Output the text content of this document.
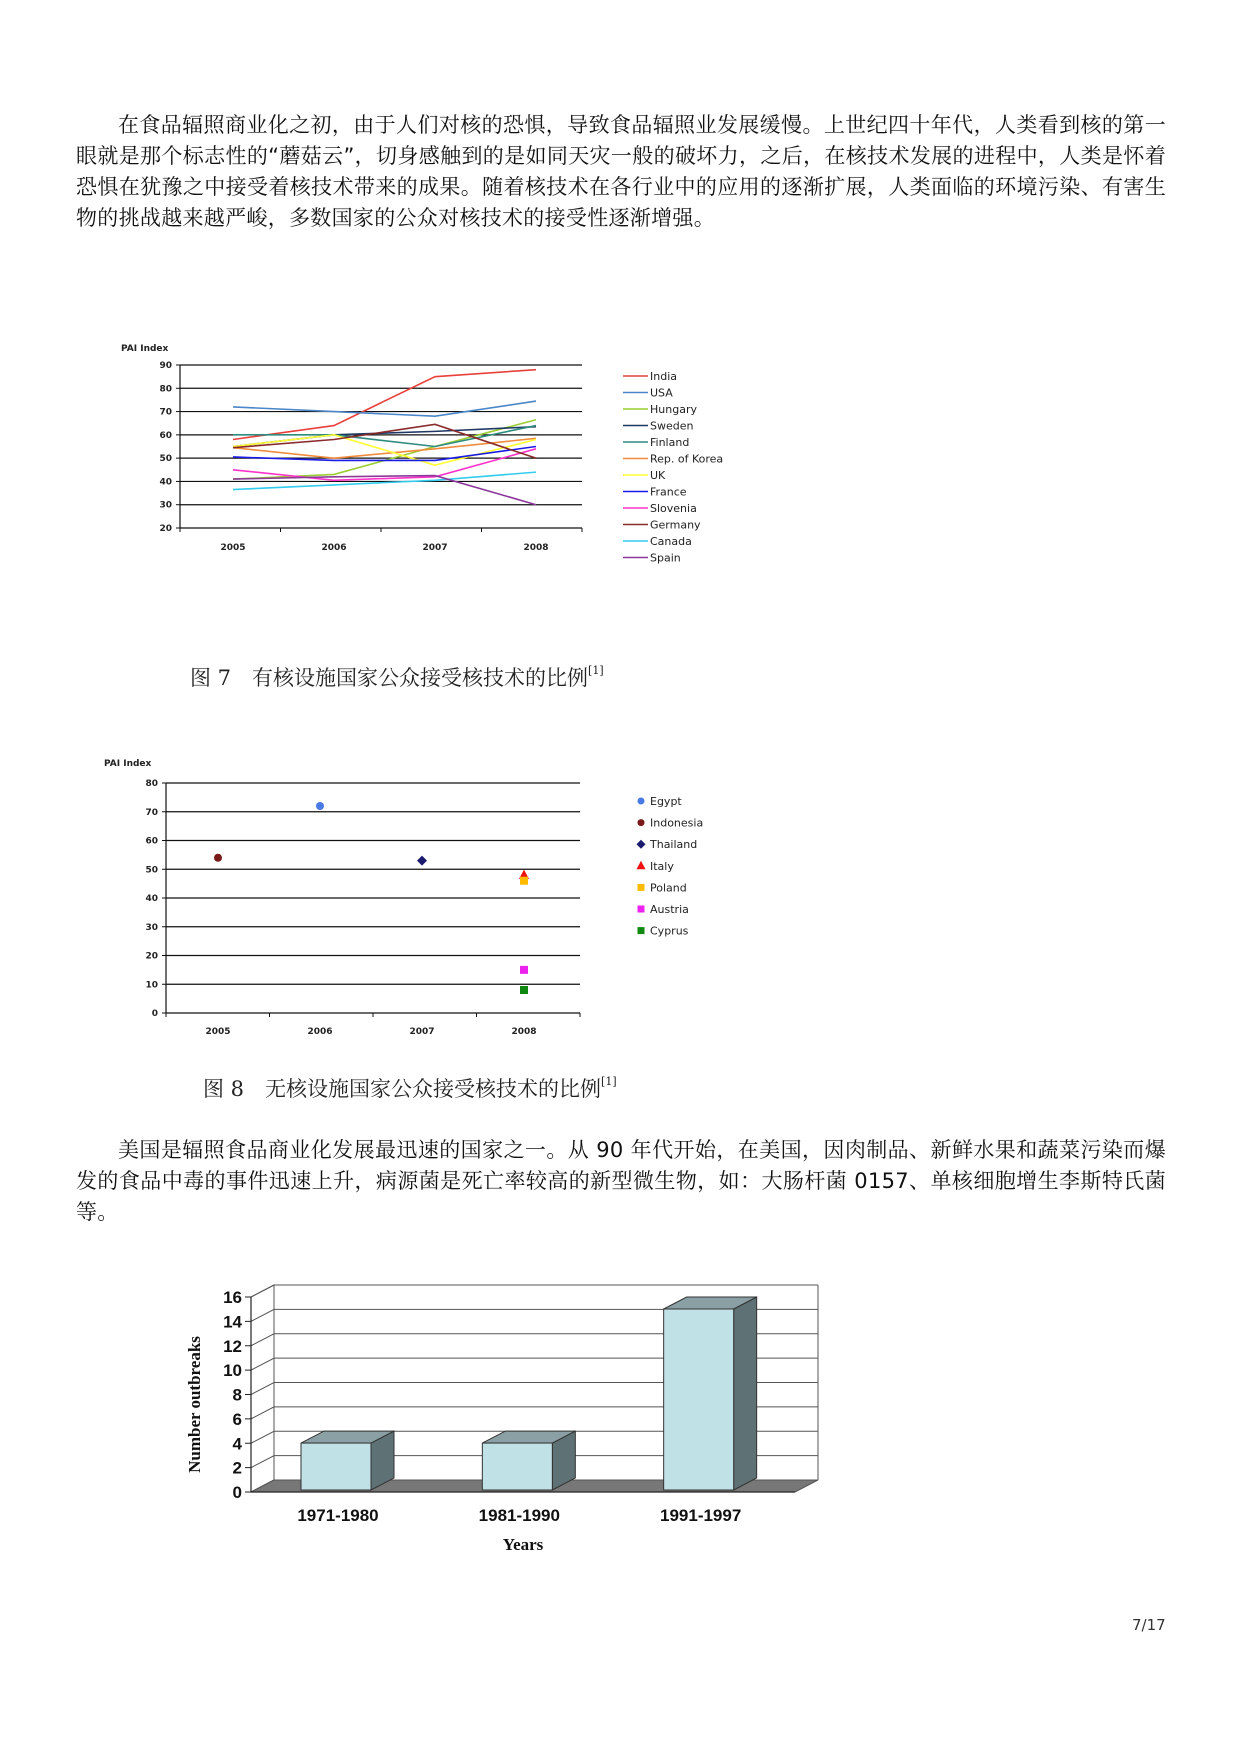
在食品辐照商业化之初，由于人们对核的恐惧，导致食品辐照业发展缓慢。上世纪四十年代，人类看到核的第一眼就是那个标志性的“蘑菇云”，切身感触到的是如同天灾一般的破坏力，之后，在核技术发展的进程中，人类是怀着恐惧在犹豫之中接受着核技术带来的成果。随着核技术在各行业中的应用的逐渐扩展，人类面临的环境污染、有害生物的挑战越来越严峻，多数国家的公众对核技术的接受性逐渐增强。
PAI Index
20
30
40
50
60
70
80
90
2005	2006	2007	2008
India
USA
Hungary
Sweden
Finland
Rep. of Korea
UK
France
Slovenia
Germany
Canada
Spain
图 7　有核设施国家公众接受核技术的比例[1]
PAI Index
0
10
20
30
40
50
60
70
80
2005	2006	2007	2008
Egypt
Indonesia
Thailand
Italy
Poland
Austria
Cyprus
图 8　无核设施国家公众接受核技术的比例[1]
美国是辐照食品商业化发展最迅速的国家之一。从 90 年代开始，在美国，因肉制品、新鲜水果和蔬菜污染而爆发的食品中毒的事件迅速上升，病源菌是死亡率较高的新型微生物，如：大肠杆菌 0157、单核细胞增生李斯特氏菌等。
0
2
4
6
8
10
12
14
16
1971-1980	1981-1990	1991-1997
Years
Number outbreaks
7/17
